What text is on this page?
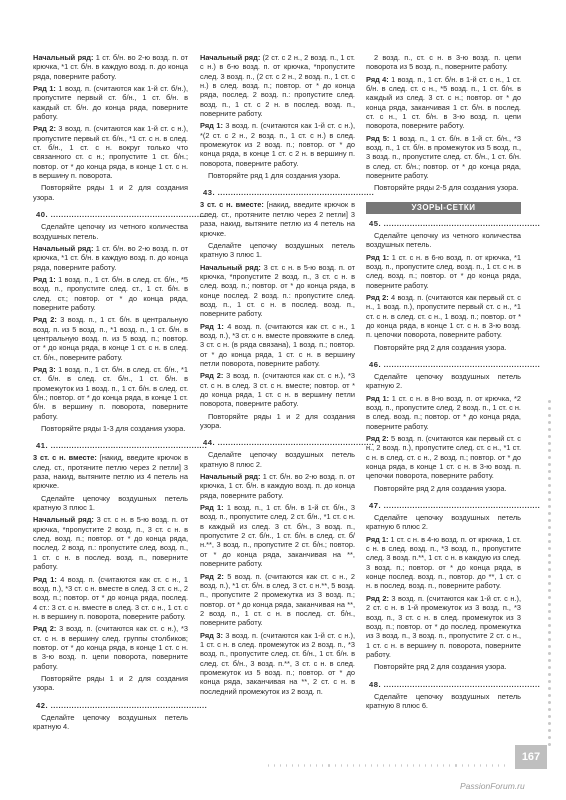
Начальный ряд: 1 ст. б/н. во 2-ю возд. п. от крючка, *1 ст. б/н. в каждую возд. п. до конца ряда, поверните работу.

Ряд 1: 1 возд. п. (считаются как 1-й ст. б/н.), пропустите первый ст. б/н., 1 ст. б/н. в каждый ст. б/н. до конца ряда, поверните работу.

Ряд 2: 3 возд. п. (считаются как 1-й ст. с н.), пропустите первый ст. б/н., *1 ст. с н. в след. ст. б/н., 1 ст. с н. вокруг только что связанного ст. с н.; пропустите 1 ст. б/н.; повтор. от * до конца ряда, в конце 1 ст. с н. в вершину п. поворота.

Повторяйте ряды 1 и 2 для создания узора.

40. ............................................................

Сделайте цепочку из четного количества воздушных петель.

Начальный ряд: 1 ст. б/н. во 2-ю возд. п. от крючка, *1 ст. б/н. в каждую возд. п. до конца ряда, поверните работу.

Ряд 1: 1 возд. п., 1 ст. б/н. в след. ст. б/н., *5 возд. п., пропустите след. ст., 1 ст. б/н. в след. ст.; повтор. от * до конца ряда, поверните работу.

Ряд 2: 3 возд. п., 1 ст. б/н. в центральную возд. п. из 5 возд. п., *1 возд. п., 1 ст. б/н. в центральную возд. п. из 5 возд. п.; повтор. от * до конца ряда, в конце 1 ст. с н. в след. ст. б/н., поверните работу.

Ряд 3: 1 возд. п., 1 ст. б/н. в след. ст. б/н., *1 ст. б/н. в след. ст. б/н., 1 ст. б/н. в промежуток из 1 возд. п., 1 ст. б/н. в след. ст. б/н.; повтор. от * до конца ряда, в конце 1 ст. б/н. в вершину п. поворота, поверните работу.

Повторяйте ряды 1-3 для создания узора.

41. ............................................................

3 ст. с н. вместе: [накид, введите крючок в след. ст., протяните петлю через 2 петли] 3 раза, накид, вытяните петлю из 4 петель на крючке.

Сделайте цепочку воздушных петель кратную 3 плюс 1.

Начальный ряд: 3 ст. с н. в 5-ю возд. п. от крючка, *пропустите 2 возд. п., 3 ст. с н. в след. возд. п.; повтор. от * до конца ряда, послед. 2 возд. п.: пропустите след. возд. п., 1 ст. с н. в послед. возд. п., поверните работу.

Ряд 1: 4 возд. п. (считаются как ст. с н., 1 возд. п.), *3 ст. с н. вместе в след. 3 ст. с н., 2 возд. п.; повтор. от * до конца ряда, послед. 4 ст.: 3 ст. с н. вместе в след. 3 ст. с н., 1 ст. с н. в вершину п. поворота, поверните работу.

Ряд 2: 3 возд. п. (считаются как ст. с н.), *3 ст. с н. в вершину след. группы столбиков; повтор. от * до конца ряда, в конце 1 ст. с н. в 3-ю возд. п. цепи поворота, поверните работу.

Повторяйте ряды 1 и 2 для создания узора.

42. ............................................................

Сделайте цепочку воздушных петель кратную 4.

Начальный ряд: (2 ст. с 2 н., 2 возд. п., 1 ст. с н.) в 6-ю возд. п. от крючка, *пропустите след. 3 возд. п., (2 ст. с 2 н., 2 возд. п., 1 ст. с н.) в след. возд. п.; повтор. от * до конца ряда, послед. 2 возд. п.: пропустите след. возд. п., 1 ст. с 2 н. в послед. возд. п., поверните работу.

Ряд 1: 3 возд. п. (считаются как 1-й ст. с н.), *(2 ст. с 2 н., 2 возд. п., 1 ст. с н.) в след. промежуток из 2 возд. п.; повтор. от * до конца ряда, в конце 1 ст. с 2 н. в вершину п. поворота, поверните работу.

Повторяйте ряд 1 для создания узора.

43. ............................................................

3 ст. с н. вместе: [накид, введите крючок в след. ст., протяните петлю через 2 петли] 3 раза, накид, вытяните петлю из 4 петель на крючке.

Сделайте цепочку воздушных петель кратную 3 плюс 1.

Начальный ряд: 3 ст. с н. в 5-ю возд. п. от крючка, *пропустите 2 возд. п., 3 ст. с н. в след. возд. п.; повтор. от * до конца ряда, в конце послед. 2 возд. п.: пропустите след. возд. п., 1 ст. с н. в послед. возд. п., поверните работу.

Ряд 1: 4 возд. п. (считаются как ст. с н., 1 возд. п.), *3 ст. с н. вместе провяжите в след. 3 ст. с н. (в ряда связана), 1 возд. п.; повтор. от * до конца ряда, 1 ст. с н. в вершину петли поворота, поверните работу.

Ряд 2: 3 возд. п. (считаются как ст. с н.), *3 ст. с н. в след. 3 ст. с н. вместе; повтор. от * до конца ряда, 1 ст. с н. в вершину петли поворота, поверните работу.

Повторяйте ряды 1 и 2 для создания узора.

44. ............................................................

Сделайте цепочку воздушных петель кратную 8 плюс 2.

Начальный ряд: 1 ст. б/н. во 2-ю возд. п. от крючка, 1 ст. б/н. в каждую возд. п. до конца ряда, поверните работу.

Ряд 1: 1 возд. п., 1 ст. б/н. в 1-й ст. б/н., 3 возд. п., пропустите след. 2 ст. б/н., *1 ст. с н. в каждый из след. 3 ст. б/н., 3 возд. п., пропустите 2 ст. б/н., 1 ст. б/н. в след. ст. б/н.**, 3 возд. п., пропустите 2 ст. б/н.; повтор. от * до конца ряда, заканчивая на **, поверните работу.

Ряд 2: 5 возд. п. (считаются как ст. с н., 2 возд. п.), *1 ст. б/н. в след. 3 ст. с н.**, 5 возд. п., пропустите 2 промежутка из 3 возд. п.; повтор. от * до конца ряда, заканчивая на **, 2 возд. п., 1 ст. с н. в послед. ст. б/н., поверните работу.

Ряд 3: 3 возд. п. (считаются как 1-й ст. с н.), 1 ст. с н. в след. промежуток из 2 возд. п., *3 возд. п., пропустите след. ст. б/н., 1 ст. б/н. в след. ст. б/н., 3 возд. п.**, 3 ст. с н. в след. промежуток из 5 возд. п.; повтор. от * до конца ряда, заканчивая на **, 2 ст. с н. в последний промежуток из 2 возд. п.

2 возд. п., ст. с н. в 3-ю возд. п. цепи поворота из 5 возд. п., поверните работу.

Ряд 4: 1 возд. п., 1 ст. б/н. в 1-й ст. с н., 1 ст. б/н. в след. ст. с н., *5 возд. п., 1 ст. б/н. в каждый из след. 3 ст. с н.; повтор. от * до конца ряда, заканчивая 1 ст. б/н. в послед. ст. с н., 1 ст. б/н. в 3-ю возд. п. цепи поворота, поверните работу.

Ряд 5: 1 возд. п., 1 ст. б/н. в 1-й ст. б/н., *3 возд. п., 1 ст. б/н. в промежуток из 5 возд. п., 3 возд. п., пропустите след. ст. б/н., 1 ст. б/н. в след. ст. б/н.; повтор. от * до конца ряда, поверните работу.

Повторяйте ряды 2-5 для создания узора.

УЗОРЫ-СЕТКИ
45. ............................................................

Сделайте цепочку из четного количества воздушных петель.

Ряд 1: 1 ст. с н. в 6-ю возд. п. от крючка, *1 возд. п., пропустите след. возд. п., 1 ст. с н. в след. возд. п.; повтор. от * до конца ряда, поверните работу.

Ряд 2: 4 возд. п. (считаются как первый ст. с н., 1 возд. п.), пропустите первый ст. с н., *1 ст. с н. в след. ст. с н., 1 возд. п.; повтор. от * до конца ряда, в конце 1 ст. с н. в 3-ю возд. п. цепочки поворота, поверните работу.

Повторяйте ряд 2 для создания узора.

46. ............................................................

Сделайте цепочку воздушных петель кратную 2.

Ряд 1: 1 ст. с н. в 8-ю возд. п. от крючка, *2 возд. п., пропустите след. 2 возд. п., 1 ст. с н. в след. возд. п.; повтор. от * до конца ряда, поверните работу.

Ряд 2: 5 возд. п. (считаются как первый ст. с н., 2 возд. п.), пропустите след. ст. с н., *1 ст. с н. в след. ст. с н., 2 возд. п.; повтор. от * до конца ряда, в конце 1 ст. с н. в 3-ю возд. п. цепочки поворота, поверните работу.

Повторяйте ряд 2 для создания узора.

47. ............................................................

Сделайте цепочку воздушных петель кратную 6 плюс 2.

Ряд 1: 1 ст. с н. в 4-ю возд. п. от крючка, 1 ст. с н. в след. возд. п., *3 возд. п., пропустите след. 3 возд. п.**, 1 ст. с н. в каждую из след. 3 возд. п.; повтор. от * до конца ряда, в конце послед. возд. п., повтор. до **, 1 ст. с н. в послед. возд. п., поверните работу.

Ряд 2: 3 возд. п. (считаются как 1-й ст. с н.), 2 ст. с н. в 1-й промежуток из 3 возд. п., *3 возд. п., 3 ст. с н. в след. промежуток из 3 возд. п.; повтор. от * до послед. промежутка из 3 возд. п., 3 возд. п., пропустите 2 ст. с н., 1 ст. с н. в вершину п. поворота, поверните работу.

Повторяйте ряд 2 для создания узора.

48. ............................................................

Сделайте цепочку воздушных петель кратную 8 плюс 6.

167
PassionForum.ru
